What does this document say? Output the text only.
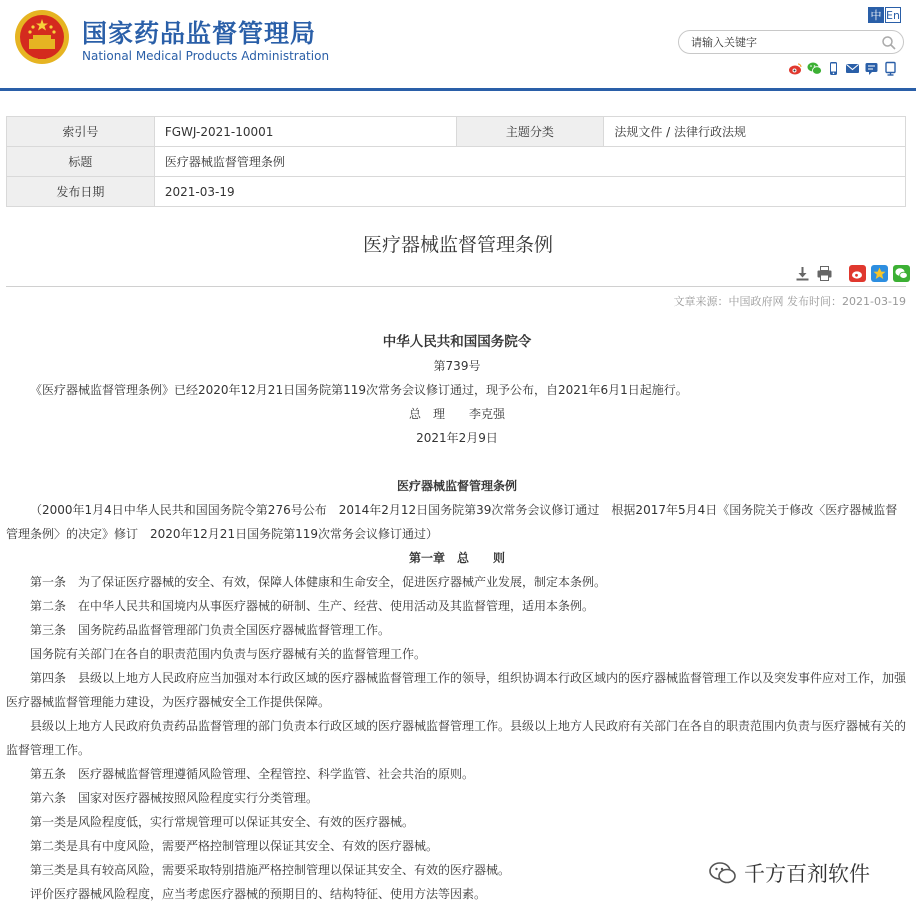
国家药品监督管理局
National Medical Products Administration
中 En
请输入关键字
索引号	FGWJ-2021-10001	主题分类	法规文件 / 法律行政法规
标题	医疗器械监督管理条例		
发布日期	2021-03-19		
医疗器械监督管理条例
文章来源：中国政府网 发布时间：2021-03-19

中华人民共和国国务院令

第739号

《医疗器械监督管理条例》已经2020年12月21日国务院第119次常务会议修订通过，现予公布，自2021年6月1日起施行。

总　理　　李克强

2021年2月9日

医疗器械监督管理条例

（2000年1月4日中华人民共和国国务院令第276号公布　2014年2月12日国务院第39次常务会议修订通过　根据2017年5月4日《国务院关于修改〈医疗器械监督管理条例〉的决定》修订　2020年12月21日国务院第119次常务会议修订通过）

第一章　总　　则

第一条　为了保证医疗器械的安全、有效，保障人体健康和生命安全，促进医疗器械产业发展，制定本条例。

第二条　在中华人民共和国境内从事医疗器械的研制、生产、经营、使用活动及其监督管理，适用本条例。

第三条　国务院药品监督管理部门负责全国医疗器械监督管理工作。

国务院有关部门在各自的职责范围内负责与医疗器械有关的监督管理工作。

第四条　县级以上地方人民政府应当加强对本行政区域的医疗器械监督管理工作的领导，组织协调本行政区域内的医疗器械监督管理工作以及突发事件应对工作，加强医疗器械监督管理能力建设，为医疗器械安全工作提供保障。

县级以上地方人民政府负责药品监督管理的部门负责本行政区域的医疗器械监督管理工作。县级以上地方人民政府有关部门在各自的职责范围内负责与医疗器械有关的监督管理工作。

第五条　医疗器械监督管理遵循风险管理、全程管控、科学监管、社会共治的原则。

第六条　国家对医疗器械按照风险程度实行分类管理。

第一类是风险程度低，实行常规管理可以保证其安全、有效的医疗器械。

第二类是具有中度风险，需要严格控制管理以保证其安全、有效的医疗器械。

第三类是具有较高风险，需要采取特别措施严格控制管理以保证其安全、有效的医疗器械。

评价医疗器械风险程度，应当考虑医疗器械的预期目的、结构特征、使用方法等因素。

千方百剂软件
